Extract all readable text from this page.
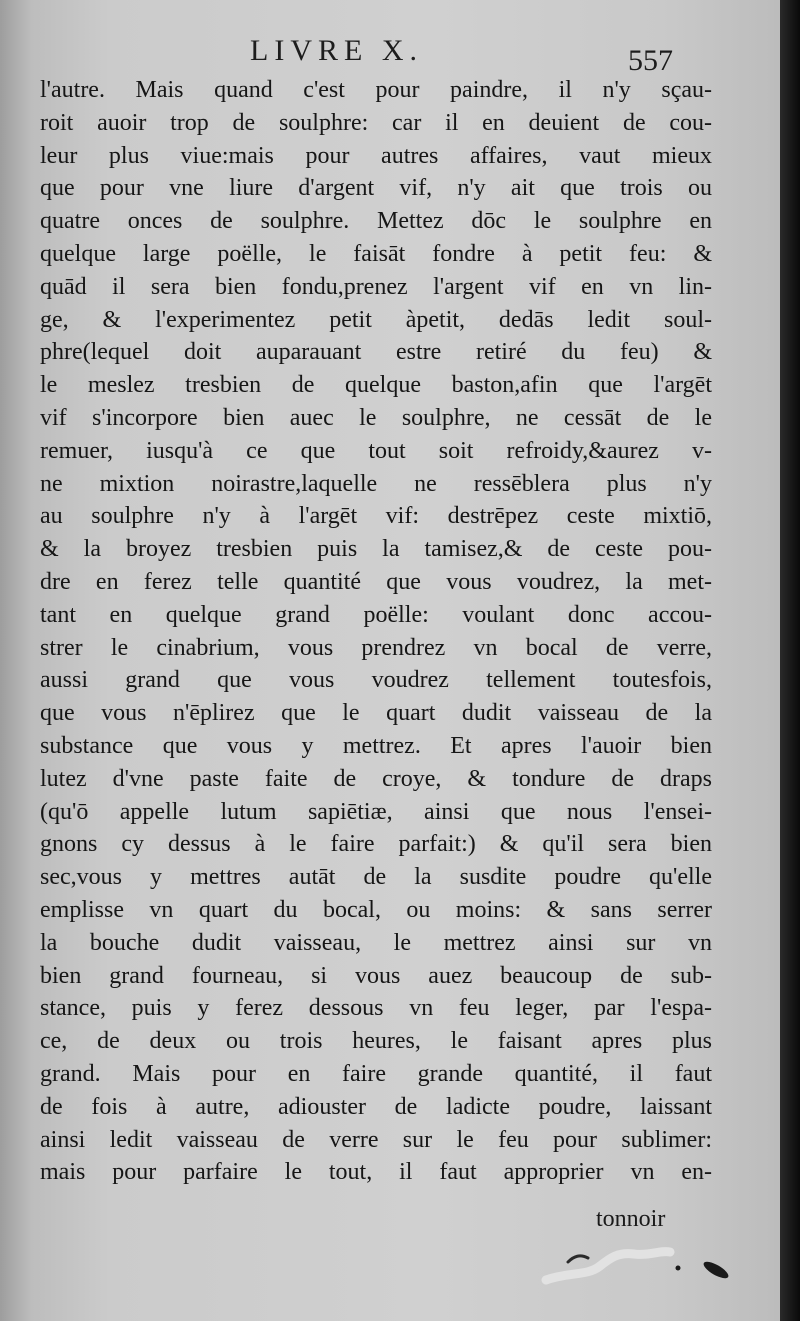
LIVRE X.	557
l'autre. Mais quand c'est pour paindre, il n'y sçau-
roit auoir trop de soulphre: car il en deuient de cou-
leur plus viue:mais pour autres affaires, vaut mieux
que pour vne liure d'argent vif, n'y ait que trois ou
quatre onces de soulphre. Mettez dōc le soulphre en
quelque large poëlle, le faisāt fondre à petit feu: &
quād il sera bien fondu,prenez l'argent vif en vn lin-
ge, & l'experimentez petit àpetit, dedās ledit soul-
phre(lequel doit auparauant estre retiré du feu) &
le meslez tresbien de quelque baston,afin que l'argēt
vif s'incorpore bien auec le soulphre, ne cessāt de le
remuer, iusqu'à ce que tout soit refroidy,&aurez v-
ne mixtion noirastre,laquelle ne ressēblera plus n'y
au soulphre n'y à l'argēt vif: destrēpez ceste mixtiō,
& la broyez tresbien puis la tamisez,& de ceste pou-
dre en ferez telle quantité que vous voudrez, la met-
tant en quelque grand poëlle: voulant donc accou-
strer le cinabrium, vous prendrez vn bocal de verre,
aussi grand que vous voudrez tellement toutesfois,
que vous n'ēplirez que le quart dudit vaisseau de la
substance que vous y mettrez. Et apres l'auoir bien
lutez d'vne paste faite de croye, & tondure de draps
(qu'ō appelle lutum sapiētiæ, ainsi que nous l'ensei-
gnons cy dessus à le faire parfait:) & qu'il sera bien
sec,vous y mettres autāt de la susdite poudre qu'elle
emplisse vn quart du bocal, ou moins: & sans serrer
la bouche dudit vaisseau, le mettrez ainsi sur vn
bien grand fourneau, si vous auez beaucoup de sub-
stance, puis y ferez dessous vn feu leger, par l'espa-
ce, de deux ou trois heures, le faisant apres plus
grand. Mais pour en faire grande quantité, il faut
de fois à autre, adiouster de ladicte poudre, laissant
ainsi ledit vaisseau de verre sur le feu pour sublimer:
mais pour parfaire le tout, il faut approprier vn en-
tonnoir
